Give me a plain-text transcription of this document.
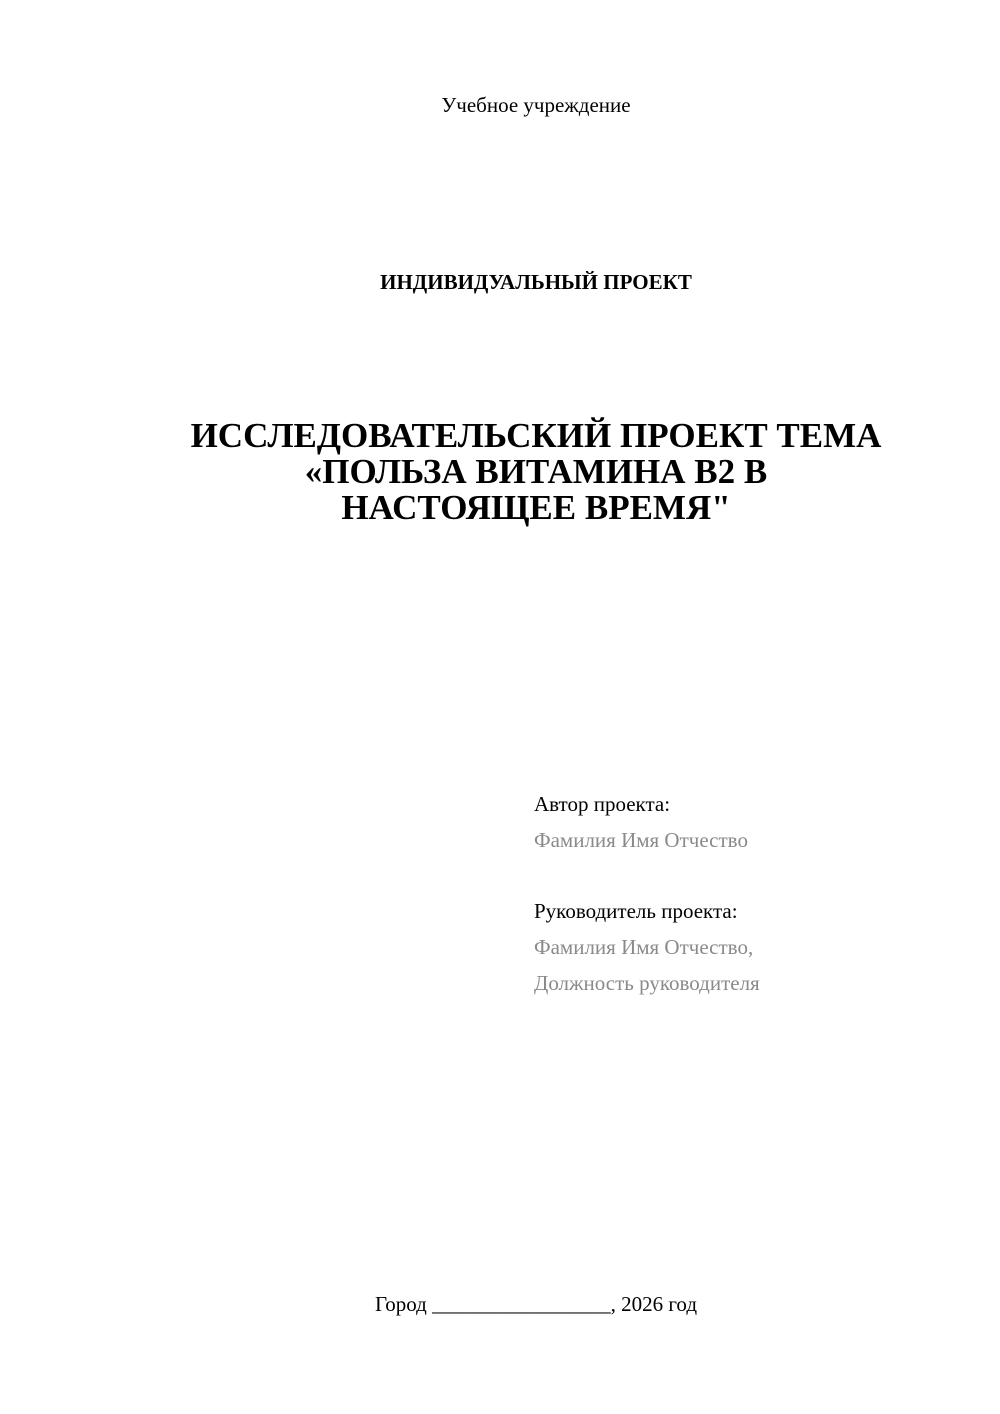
Учебное учреждение
ИНДИВИДУАЛЬНЫЙ ПРОЕКТ
ИССЛЕДОВАТЕЛЬСКИЙ ПРОЕКТ ТЕМА
«ПОЛЬЗА ВИТАМИНА В2 В
НАСТОЯЩЕЕ ВРЕМЯ"
Автор проекта:
Фамилия Имя Отчество
Руководитель проекта:
Фамилия Имя Отчество,
Должность руководителя
Город _________________, 2026 год
